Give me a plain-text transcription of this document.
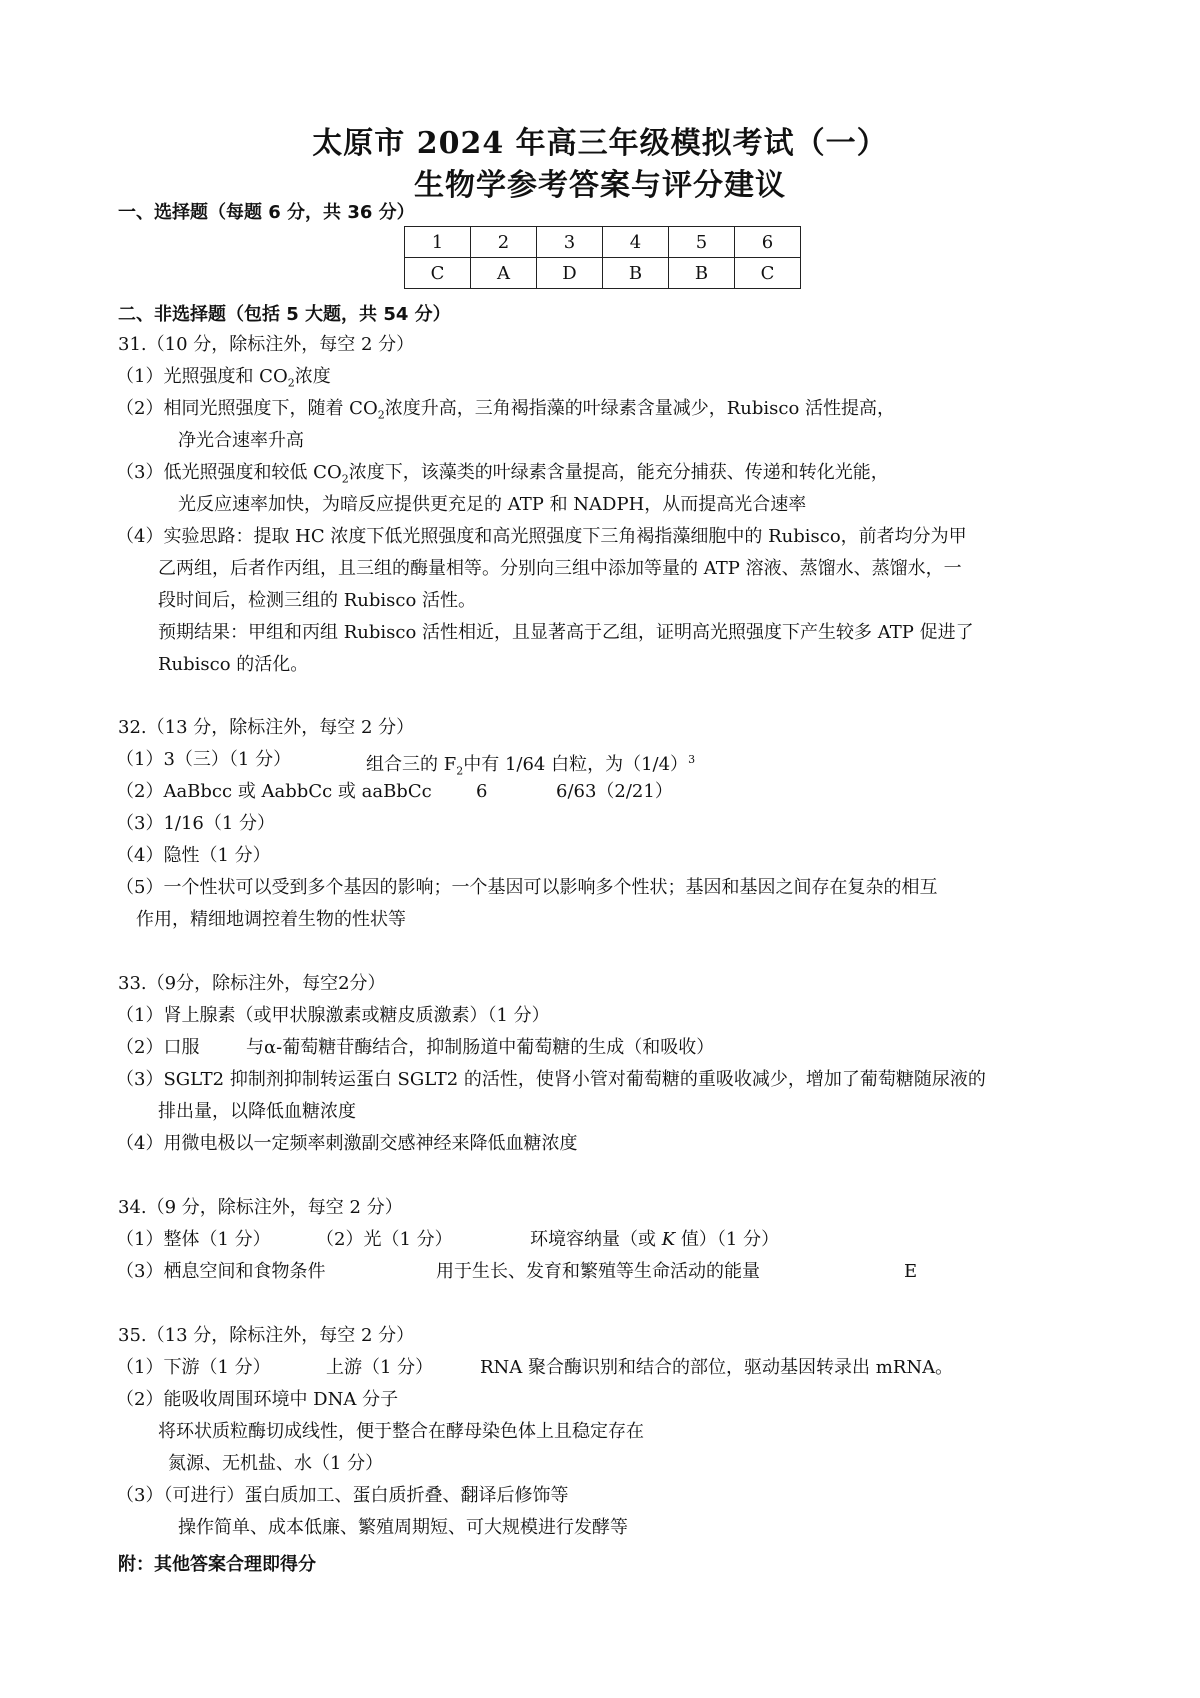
太原市 2024 年高三年级模拟考试（一）
生物学参考答案与评分建议
一、选择题（每题 6 分，共 36 分）
1	2	3	4	5	6
C	A	D	B	B	C
二、非选择题（包括 5 大题，共 54 分）
31.（10 分，除标注外，每空 2 分）
（1）光照强度和 $CO_2$浓度
（2）相同光照强度下，随着 $CO_2$浓度升高，三角褐指藻的叶绿素含量减少，Rubisco 活性提高，
净光合速率升高
（3）低光照强度和较低 $CO_2$浓度下，该藻类的叶绿素含量提高，能充分捕获、传递和转化光能，
光反应速率加快，为暗反应提供更充足的 ATP 和 NADPH，从而提高光合速率
（4）实验思路：提取 HC 浓度下低光照强度和高光照强度下三角褐指藻细胞中的 Rubisco，前者均分为甲
乙两组，后者作丙组，且三组的酶量相等。分别向三组中添加等量的 ATP 溶液、蒸馏水、蒸馏水，一
段时间后，检测三组的 Rubisco 活性。
预期结果：甲组和丙组 Rubisco 活性相近，且显著高于乙组，证明高光照强度下产生较多 ATP 促进了
Rubisco 的活化。
32.（13 分，除标注外，每空 2 分）
（1）3（三）（1 分）	组合三的 $F_2$中有 1/64 白粒，为$(1/4)^3$
（2）AaBbcc 或 AabbCc 或 aaBbCc 6	6/63（2/21）
（3）1/16（1 分）
（4）隐性（1 分）
（5）一个性状可以受到多个基因的影响；一个基因可以影响多个性状；基因和基因之间存在复杂的相互
作用，精细地调控着生物的性状等
33.（9分，除标注外，每空2分）
（1）肾上腺素（或甲状腺激素或糖皮质激素）（1 分）
（2）口服	与α-葡萄糖苷酶结合，抑制肠道中葡萄糖的生成（和吸收）
（3）SGLT2 抑制剂抑制转运蛋白 SGLT2 的活性，使肾小管对葡萄糖的重吸收减少，增加了葡萄糖随尿液的
排出量，以降低血糖浓度
（4）用微电极以一定频率刺激副交感神经来降低血糖浓度
34.（9 分，除标注外，每空 2 分）
（1）整体（1 分）	（2）光（1 分）	环境容纳量（或 K 值）（1 分）
（3）栖息空间和食物条件	用于生长、发育和繁殖等生命活动的能量	E
35.（13 分，除标注外，每空 2 分）
（1）下游（1 分）	上游（1 分）	RNA 聚合酶识别和结合的部位，驱动基因转录出 mRNA。
（2）能吸收周围环境中 DNA 分子
将环状质粒酶切成线性，便于整合在酵母染色体上且稳定存在
氮源、无机盐、水（1 分）
（3）（可进行）蛋白质加工、蛋白质折叠、翻译后修饰等
操作简单、成本低廉、繁殖周期短、可大规模进行发酵等
附：其他答案合理即得分
